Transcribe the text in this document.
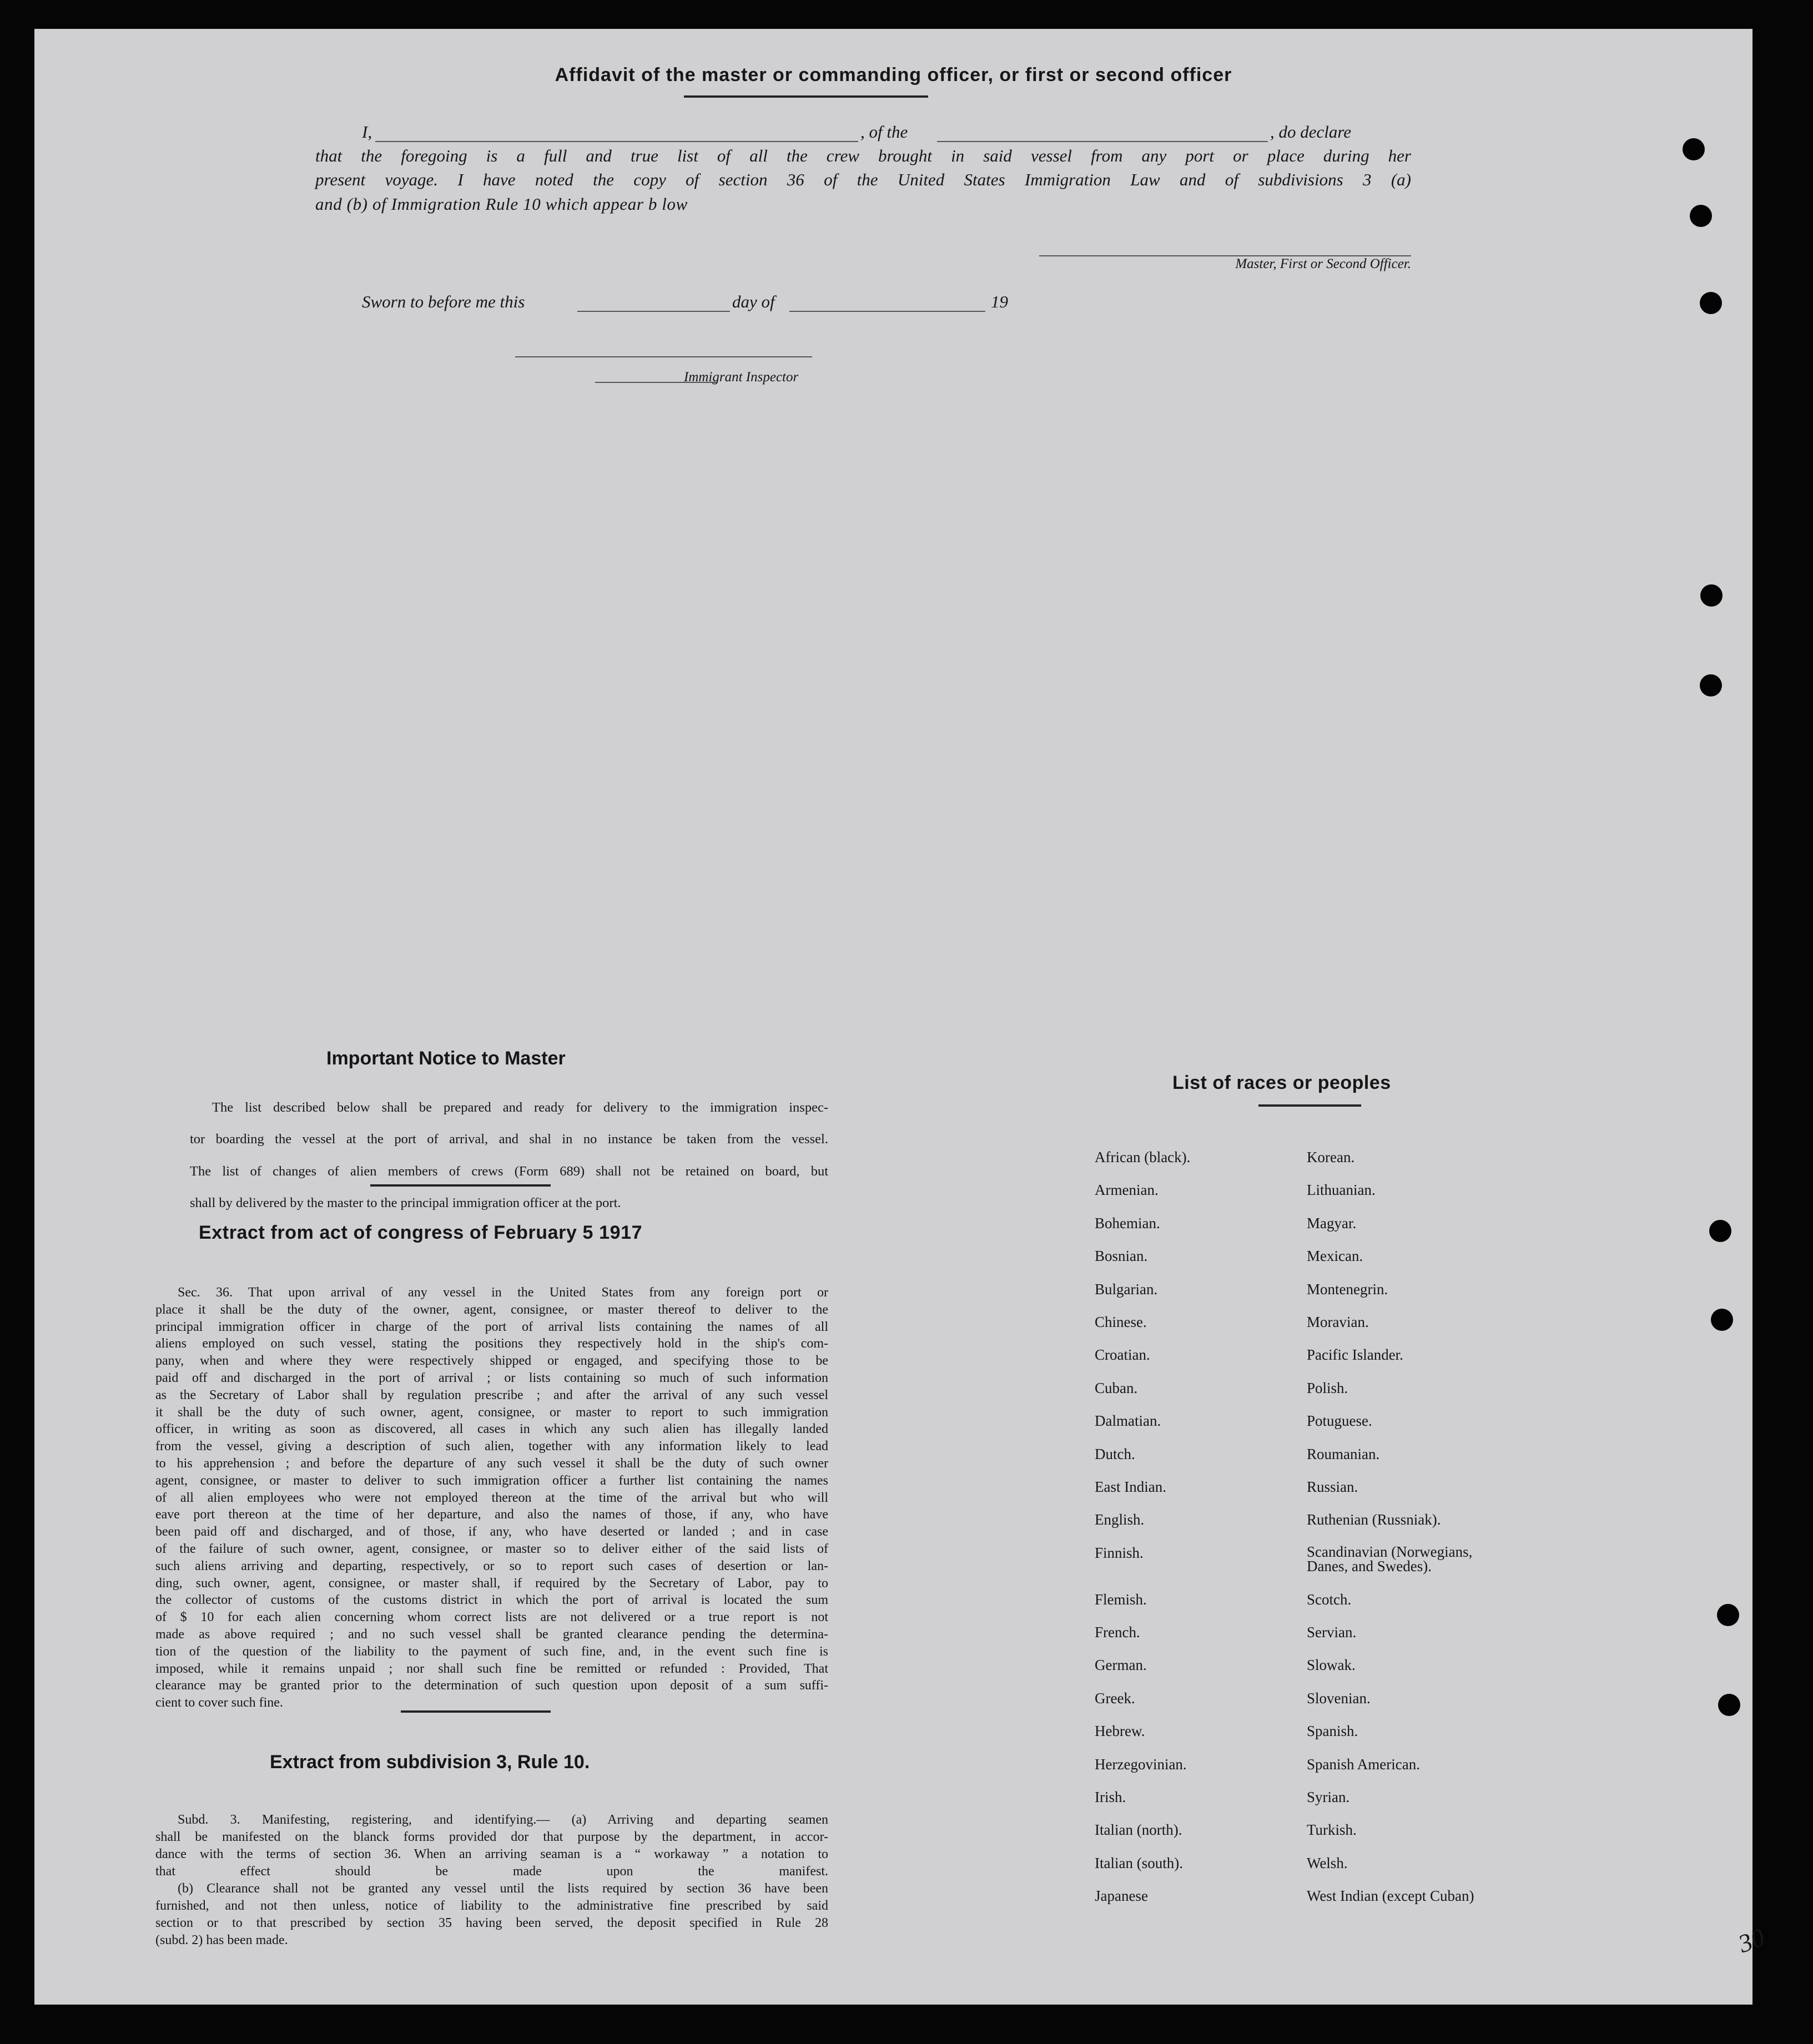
Affidavit of the master or commanding officer, or first or second officer
I,	, of the	, do declare
that the foregoing is a full and true list of all the crew brought in said vessel from any port or place during her
present voyage. I have noted the copy of section 36 of the United States Immigration Law and of subdivisions 3 (a)
and (b) of Immigration Rule 10 which appear b low
Master, First or Second Officer.
Sworn to before me this	day of	19
Immigrant Inspector
Important Notice to Master

The list described below shall be prepared and ready for delivery to the immigration inspec-

tor boarding the vessel at the port of arrival, and shal in no instance be taken from the vessel.

The list of changes of alien members of crews (Form 689) shall not be retained on board, but

shall by delivered by the master to the principal immigration officer at the port.

Extract from act of congress of February 5 1917

Sec. 36. That upon arrival of any vessel in the United States from any foreign port or

place it shall be the duty of the owner, agent, consignee, or master thereof to deliver to the

principal immigration officer in charge of the port of arrival lists containing the names of all

aliens employed on such vessel, stating the positions they respectively hold in the ship's com-

pany, when and where they were respectively shipped or engaged, and specifying those to be

paid off and discharged in the port of arrival ; or lists containing so much of such information

as the Secretary of Labor shall by regulation prescribe ; and after the arrival of any such vessel

it shall be the duty of such owner, agent, consignee, or master to report to such immigration

officer, in writing as soon as discovered, all cases in which any such alien has illegally landed

from the vessel, giving a description of such alien, together with any information likely to lead

to his apprehension ; and before the departure of any such vessel it shall be the duty of such owner

agent, consignee, or master to deliver to such immigration officer a further list containing the names

of all alien employees who were not employed thereon at the time of the arrival but who will

eave port thereon at the time of her departure, and also the names of those, if any, who have

been paid off and discharged, and of those, if any, who have deserted or landed ; and in case

of the failure of such owner, agent, consignee, or master so to deliver either of the said lists of

such aliens arriving and departing, respectively, or so to report such cases of desertion or lan-

ding, such owner, agent, consignee, or master shall, if required by the Secretary of Labor, pay to

the collector of customs of the customs district in which the port of arrival is located the sum

of $ 10 for each alien concerning whom correct lists are not delivered or a true report is not

made as above required ; and no such vessel shall be granted clearance pending the determina-

tion of the question of the liability to the payment of such fine, and, in the event such fine is

imposed, while it remains unpaid ; nor shall such fine be remitted or refunded : Provided, That

clearance may be granted prior to the determination of such question upon deposit of a sum suffi-

cient to cover such fine.

Extract from subdivision 3, Rule 10.

Subd. 3. Manifesting, registering, and identifying.— (a) Arriving and departing seamen

shall be manifested on the blanck forms provided dor that purpose by the department, in accor-

dance with the terms of section 36. When an arriving seaman is a “ workaway ” a notation to

that effect should be made upon the manifest.

(b) Clearance shall not be granted any vessel until the lists required by section 36 have been

furnished, and not then unless, notice of liability to the administrative fine prescribed by said

section or to that prescribed by section 35 having been served, the deposit specified in Rule 28

(subd. 2) has been made.

List of races or peoples
African (black).	Korean.
Armenian.	Lithuanian.
Bohemian.	Magyar.
Bosnian.	Mexican.
Bulgarian.	Montenegrin.
Chinese.	Moravian.
Croatian.	Pacific Islander.
Cuban.	Polish.
Dalmatian.	Potuguese.
Dutch.	Roumanian.
East Indian.	Russian.
English.	Ruthenian (Russniak).
Finnish.	Scandinavian (Norwegians, Danes, and Swedes).
Flemish.	Scotch.
French.	Servian.
German.	Slowak.
Greek.	Slovenian.
Hebrew.	Spanish.
Herzegovinian.	Spanish American.
Irish.	Syrian.
Italian (north).	Turkish.
Italian (south).	Welsh.
Japanese	West Indian (except Cuban)
30
